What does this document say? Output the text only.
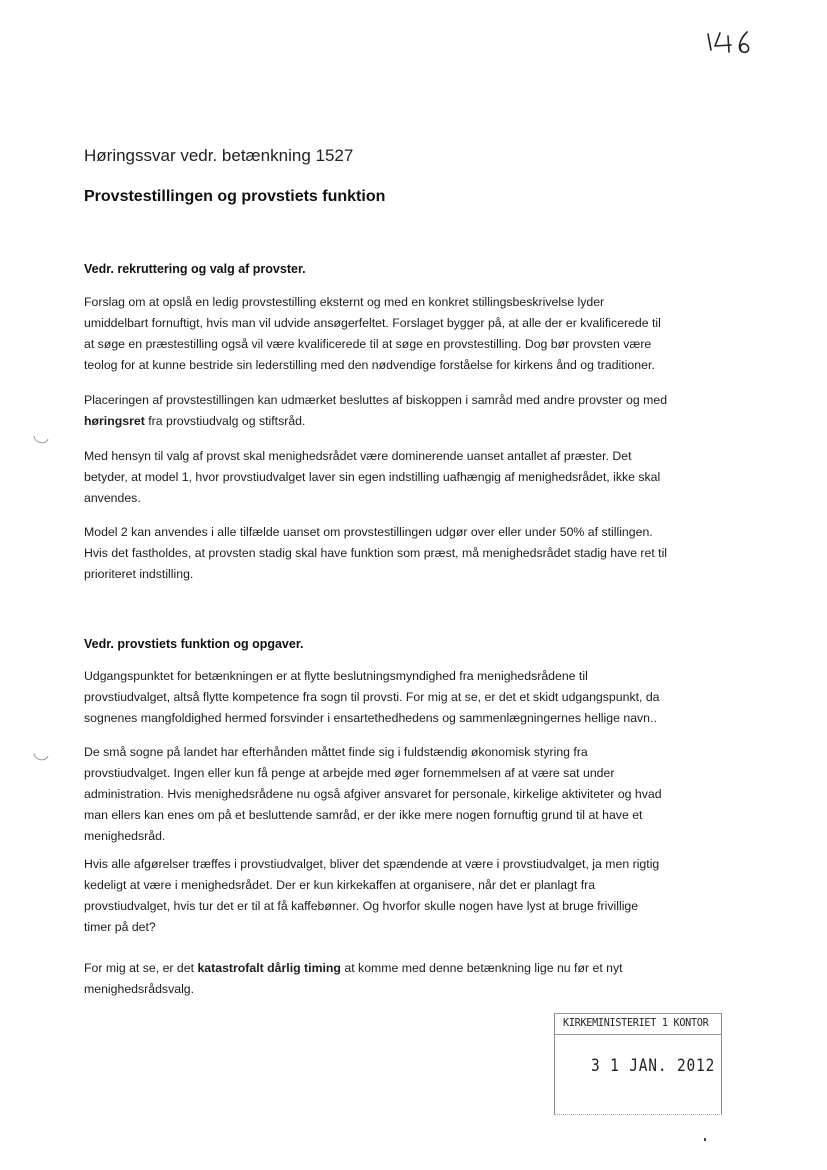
Høringssvar vedr. betænkning 1527
Provstestillingen og provstiets funktion
Vedr. rekruttering og valg af provster.

Forslag om at opslå en ledig provstestilling eksternt og med en konkret stillingsbeskrivelse lyder

umiddelbart fornuftigt, hvis man vil udvide ansøgerfeltet. Forslaget bygger på, at alle der er kvalificerede til

at søge en præstestilling også vil være kvalificerede til at søge en provstestilling. Dog bør provsten være

teolog for at kunne bestride sin lederstilling med den nødvendige forståelse for kirkens ånd og traditioner.

Placeringen af provstestillingen kan udmærket besluttes af biskoppen i samråd med andre provster og med

høringsret fra provstiudvalg og stiftsråd.

Med hensyn til valg af provst skal menighedsrådet være dominerende uanset antallet af præster. Det

betyder, at model 1, hvor provstiudvalget laver sin egen indstilling uafhængig af menighedsrådet, ikke skal

anvendes.

Model 2 kan anvendes i alle tilfælde uanset om provstestillingen udgør over eller under 50% af stillingen.

Hvis det fastholdes, at provsten stadig skal have funktion som præst, må menighedsrådet stadig have ret til

prioriteret indstilling.

Vedr. provstiets funktion og opgaver.

Udgangspunktet for betænkningen er at flytte beslutningsmyndighed fra menighedsrådene til

provstiudvalget, altså flytte kompetence fra sogn til provsti. For mig at se, er det et skidt udgangspunkt, da

sognenes mangfoldighed hermed forsvinder i ensartethedhedens og sammenlægningernes hellige navn..

De små sogne på landet har efterhånden måttet finde sig i fuldstændig økonomisk styring fra

provstiudvalget. Ingen eller kun få penge at arbejde med øger fornemmelsen af at være sat under

administration. Hvis menighedsrådene nu også afgiver ansvaret for personale, kirkelige aktiviteter og hvad

man ellers kan enes om på et besluttende samråd, er der ikke mere nogen fornuftig grund til at have et

menighedsråd.

Hvis alle afgørelser træffes i provstiudvalget, bliver det spændende at være i provstiudvalget, ja men rigtig

kedeligt at være i menighedsrådet. Der er kun kirkekaffen at organisere, når det er planlagt fra

provstiudvalget, hvis tur det er til at få kaffebønner. Og hvorfor skulle nogen have lyst at bruge frivillige

timer på det?

For mig at se, er det katastrofalt dårlig timing at komme med denne betænkning lige nu før et nyt

menighedsrådsvalg.

KIRKEMINISTERIET 1 KONTOR
3 1 JAN. 2012
